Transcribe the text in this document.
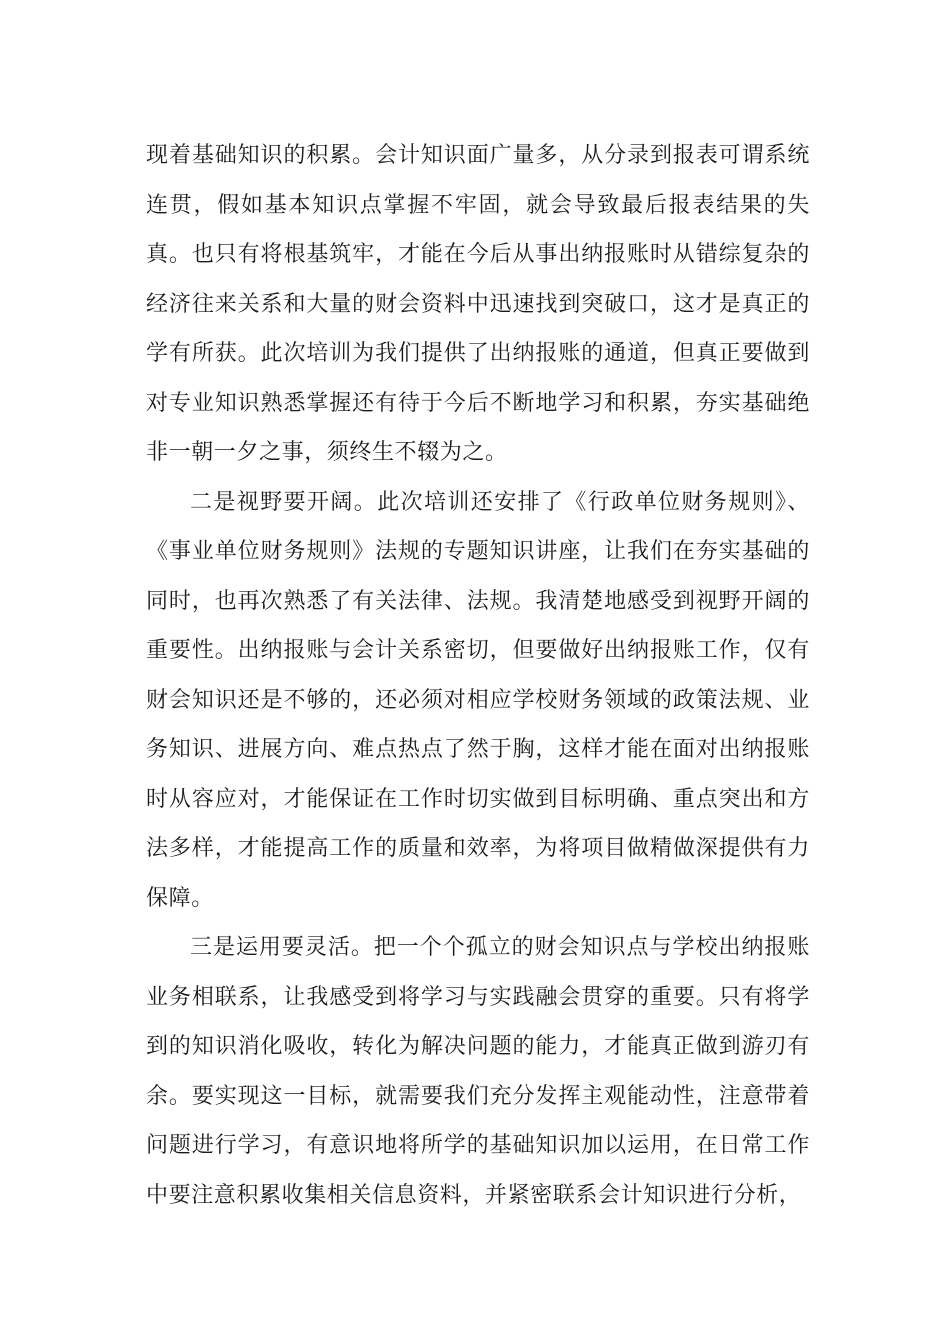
现着基础知识的积累。会计知识面广量多，从分录到报表可谓系统连贯，假如基本知识点掌握不牢固，就会导致最后报表结果的失真。也只有将根基筑牢，才能在今后从事出纳报账时从错综复杂的经济往来关系和大量的财会资料中迅速找到突破口，这才是真正的学有所获。此次培训为我们提供了出纳报账的通道，但真正要做到对专业知识熟悉掌握还有待于今后不断地学习和积累，夯实基础绝非一朝一夕之事，须终生不辍为之。

二是视野要开阔。此次培训还安排了《行政单位财务规则》、《事业单位财务规则》法规的专题知识讲座，让我们在夯实基础的同时，也再次熟悉了有关法律、法规。我清楚地感受到视野开阔的重要性。出纳报账与会计关系密切，但要做好出纳报账工作，仅有财会知识还是不够的，还必须对相应学校财务领域的政策法规、业务知识、进展方向、难点热点了然于胸，这样才能在面对出纳报账时从容应对，才能保证在工作时切实做到目标明确、重点突出和方法多样，才能提高工作的质量和效率，为将项目做精做深提供有力保障。

三是运用要灵活。把一个个孤立的财会知识点与学校出纳报账业务相联系，让我感受到将学习与实践融会贯穿的重要。只有将学到的知识消化吸收，转化为解决问题的能力，才能真正做到游刃有余。要实现这一目标，就需要我们充分发挥主观能动性，注意带着问题进行学习，有意识地将所学的基础知识加以运用，在日常工作中要注意积累收集相关信息资料，并紧密联系会计知识进行分析，
